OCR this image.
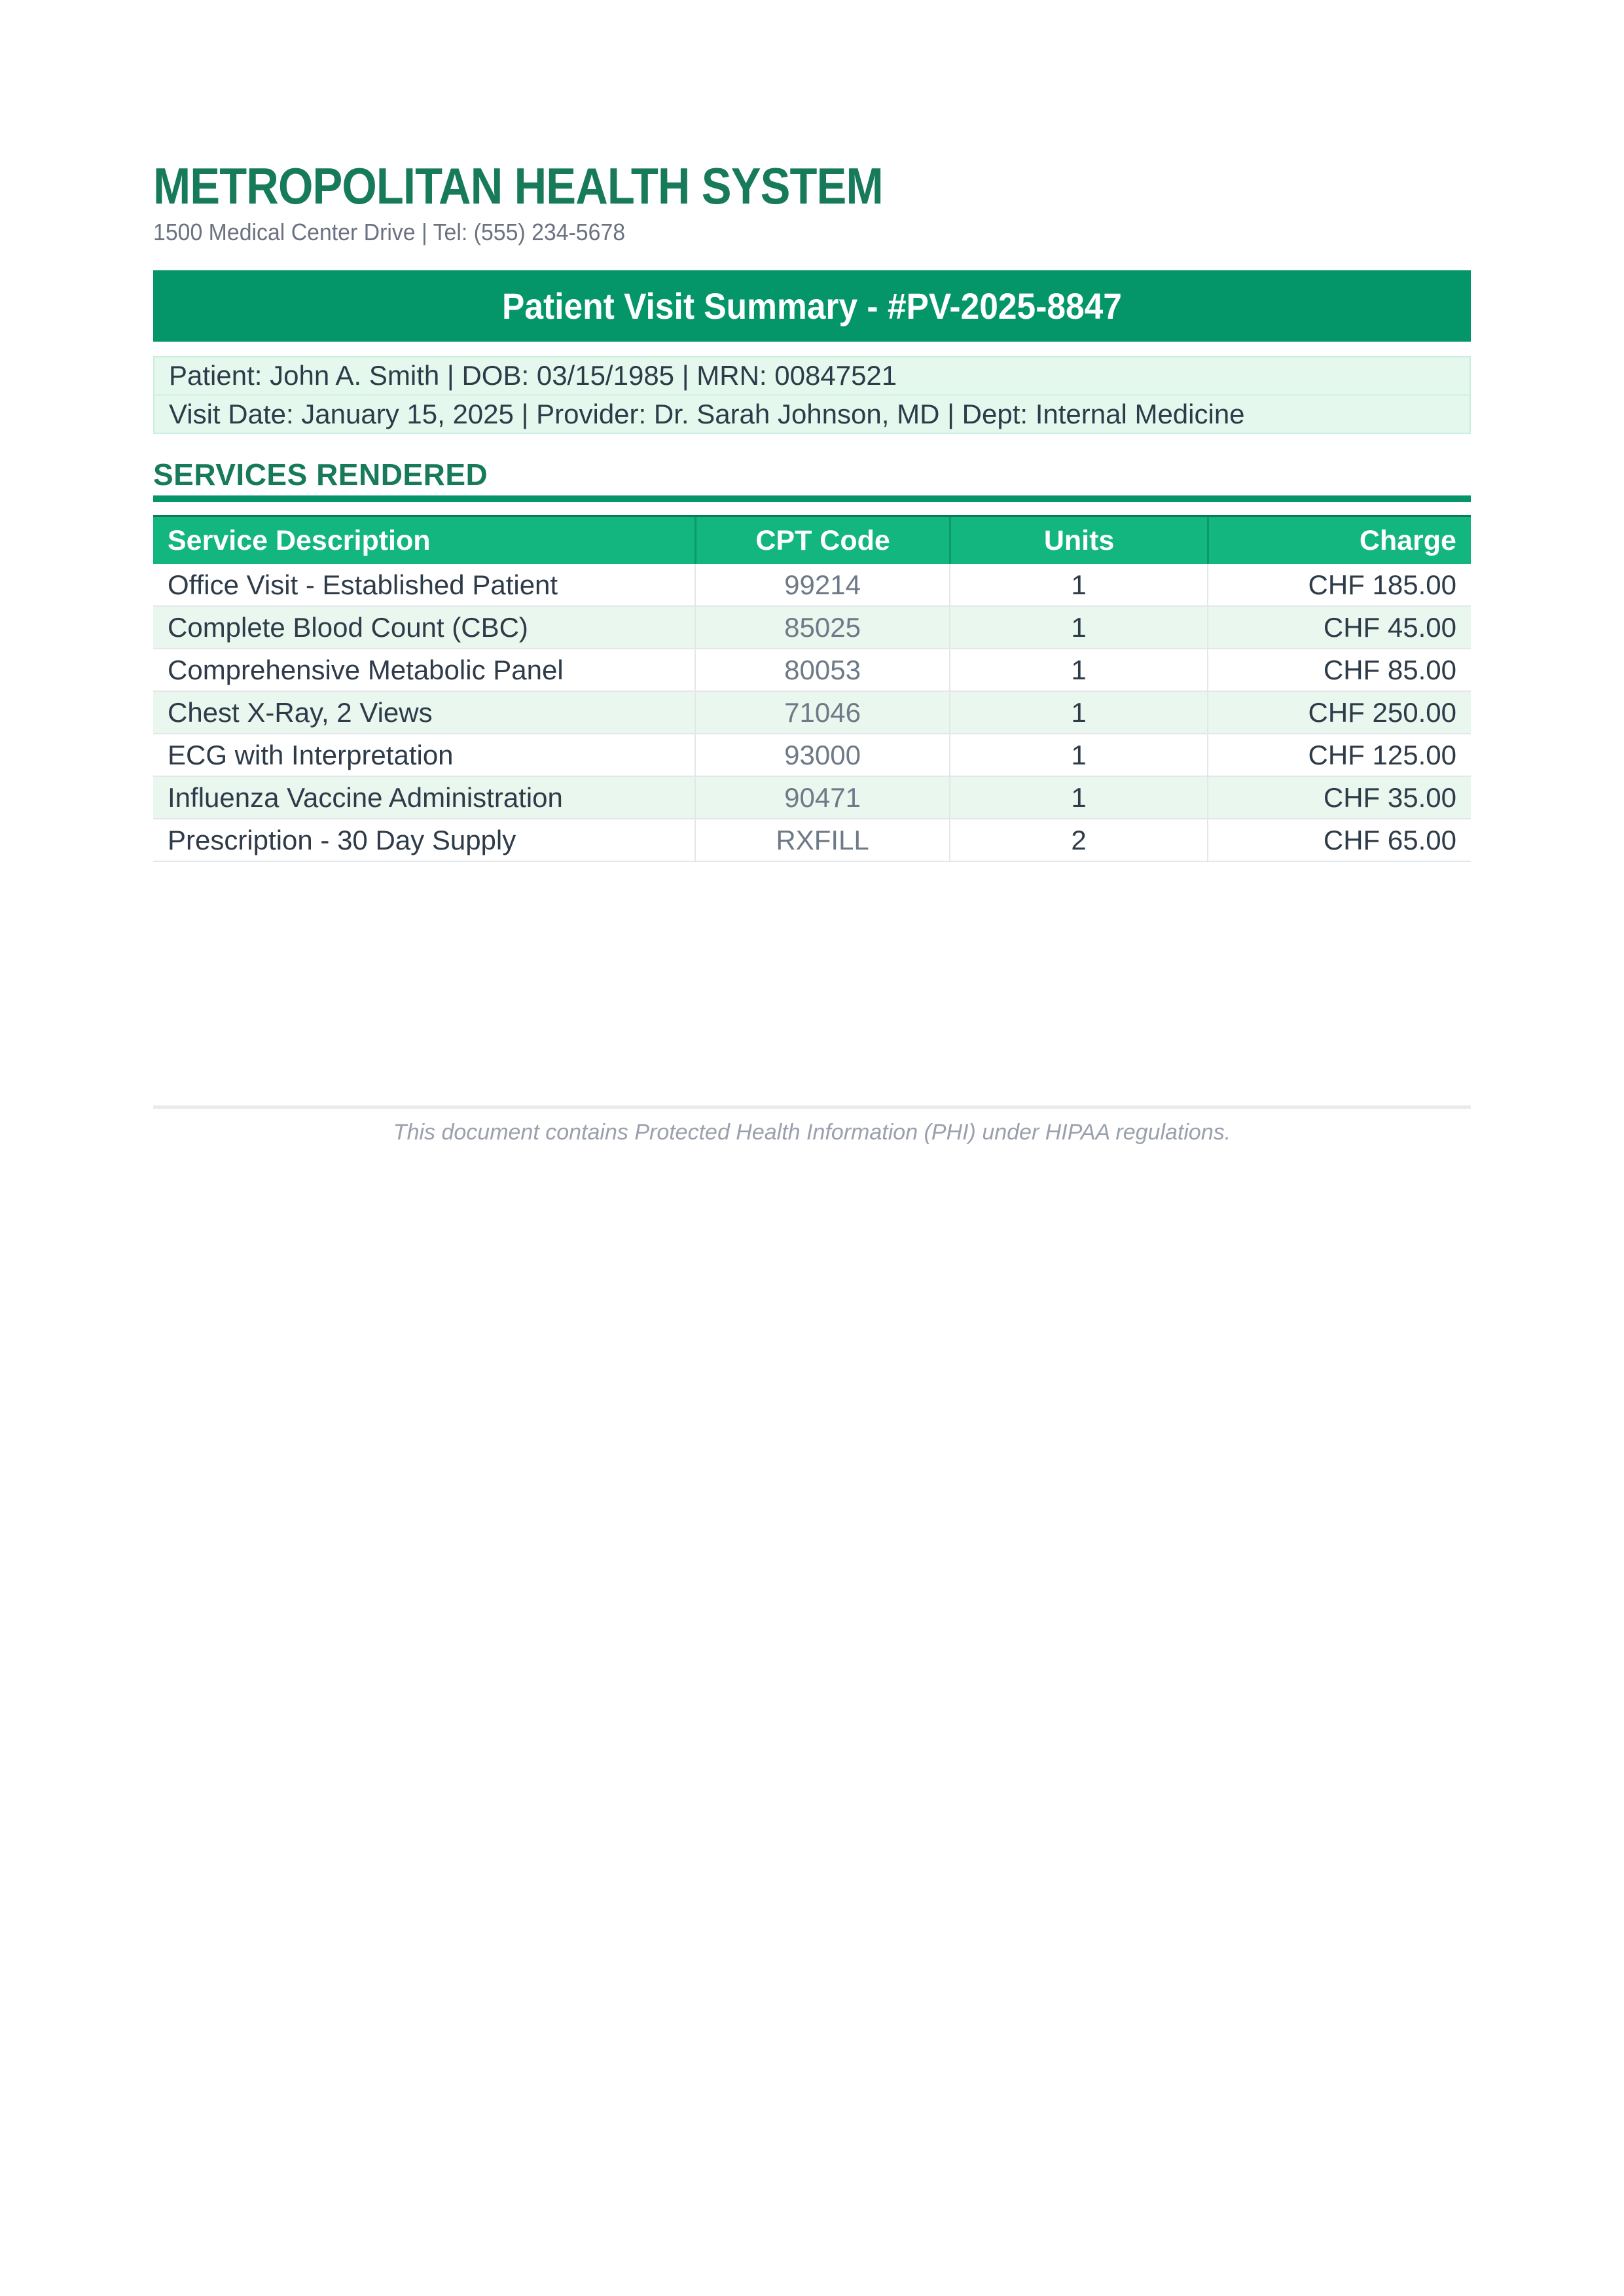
METROPOLITAN HEALTH SYSTEM
1500 Medical Center Drive | Tel: (555) 234-5678
Patient Visit Summary - #PV-2025-8847
Patient: John A. Smith | DOB: 03/15/1985 | MRN: 00847521
Visit Date: January 15, 2025 | Provider: Dr. Sarah Johnson, MD | Dept: Internal Medicine
SERVICES RENDERED
Service Description	CPT Code	Units	Charge
Office Visit - Established Patient	99214	1	CHF 185.00
Complete Blood Count (CBC)	85025	1	CHF 45.00
Comprehensive Metabolic Panel	80053	1	CHF 85.00
Chest X-Ray, 2 Views	71046	1	CHF 250.00
ECG with Interpretation	93000	1	CHF 125.00
Influenza Vaccine Administration	90471	1	CHF 35.00
Prescription - 30 Day Supply	RXFILL	2	CHF 65.00
This document contains Protected Health Information (PHI) under HIPAA regulations.
